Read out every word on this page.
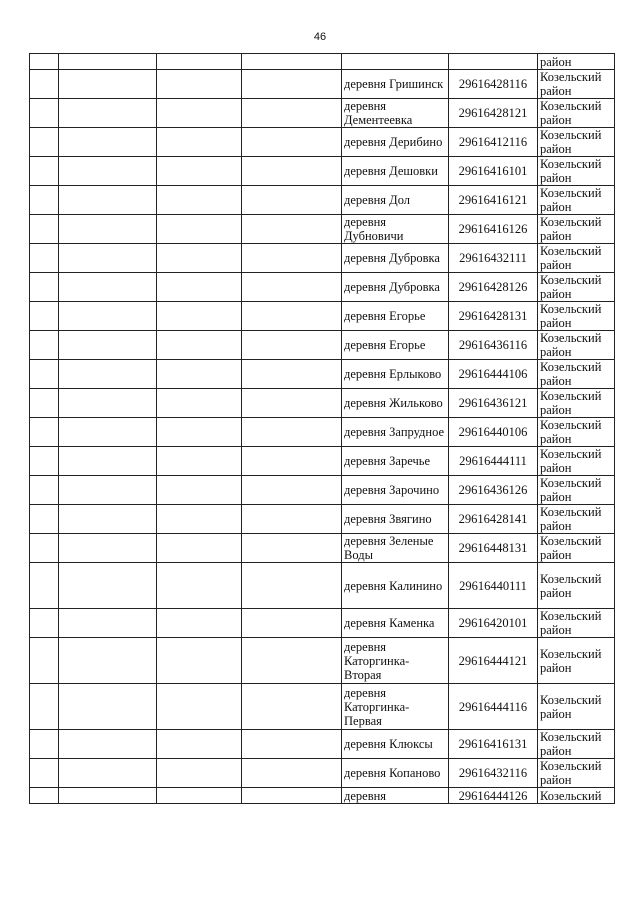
46
						район
				деревня Гришинск	29616428116	Козельский район
				деревня Дементеевка	29616428121	Козельский район
				деревня Дерибино	29616412116	Козельский район
				деревня Дешовки	29616416101	Козельский район
				деревня Дол	29616416121	Козельский район
				деревня Дубновичи	29616416126	Козельский район
				деревня Дубровка	29616432111	Козельский район
				деревня Дубровка	29616428126	Козельский район
				деревня Егорье	29616428131	Козельский район
				деревня Егорье	29616436116	Козельский район
				деревня Ерлыково	29616444106	Козельский район
				деревня Жильково	29616436121	Козельский район
				деревня Запрудное	29616440106	Козельский район
				деревня Заречье	29616444111	Козельский район
				деревня Зарочино	29616436126	Козельский район
				деревня Звягино	29616428141	Козельский район
				деревня Зеленые Воды	29616448131	Козельский район
				деревня Калинино	29616440111	Козельский район
				деревня Каменка	29616420101	Козельский район
				деревня Каторгинка-Вторая	29616444121	Козельский район
				деревня Каторгинка-Первая	29616444116	Козельский район
				деревня Клюксы	29616416131	Козельский район
				деревня Копаново	29616432116	Козельский район
				деревня	29616444126	Козельский
